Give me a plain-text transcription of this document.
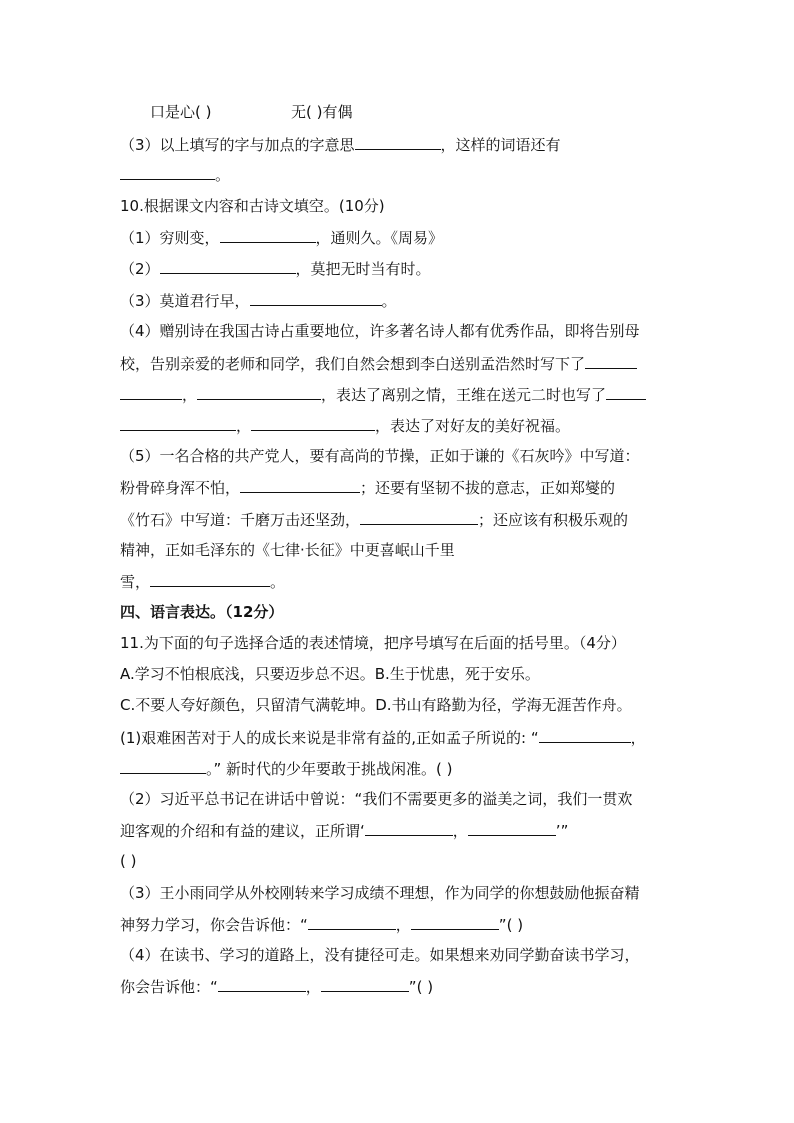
口是心( )	无( )有偶
（3）以上填写的字与加点的字意思	，这样的词语还有
。
10.根据课文内容和古诗文填空。(10分)
（1）穷则变，	，通则久。《周易》
（2）	，莫把无时当有时。
（3）莫道君行早，	。
（4）赠别诗在我国古诗占重要地位，许多著名诗人都有优秀作品，即将告别母
校，告别亲爱的老师和同学，我们自然会想到李白送别孟浩然时写下了
，	，表达了离别之情，王维在送元二时也写了
，	，表达了对好友的美好祝福。
（5）一名合格的共产党人，要有高尚的节操，正如于谦的《石灰吟》中写道：
粉骨碎身浑不怕，	；还要有坚韧不拔的意志，正如郑燮的
《竹石》中写道：千磨万击还坚劲，	；还应该有积极乐观的
精神，正如毛泽东的《七律·长征》中更喜岷山千里
雪，	。
四、语言表达。（12分）
11.为下面的句子选择合适的表述情境，把序号填写在后面的括号里。（4分）
A.学习不怕根底浅，只要迈步总不迟。B.生于忧患，死于安乐。
C.不要人夸好颜色，只留清气满乾坤。D.书山有路勤为径，学海无涯苦作舟。
(1)艰难困苦对于人的成长来说是非常有益的,正如孟子所说的: “	，
。” 新时代的少年要敢于挑战闲准。( )
（2）习近平总书记在讲话中曾说：“我们不需要更多的溢美之词，我们一贯欢
迎客观的介绍和有益的建议，正所谓‘	，	’”
( )
（3）王小雨同学从外校刚转来学习成绩不理想，作为同学的你想鼓励他振奋精
神努力学习，你会告诉他：“	，	”( )
（4）在读书、学习的道路上，没有捷径可走。如果想来劝同学勤奋读书学习，
你会告诉他：“	，	”( )
